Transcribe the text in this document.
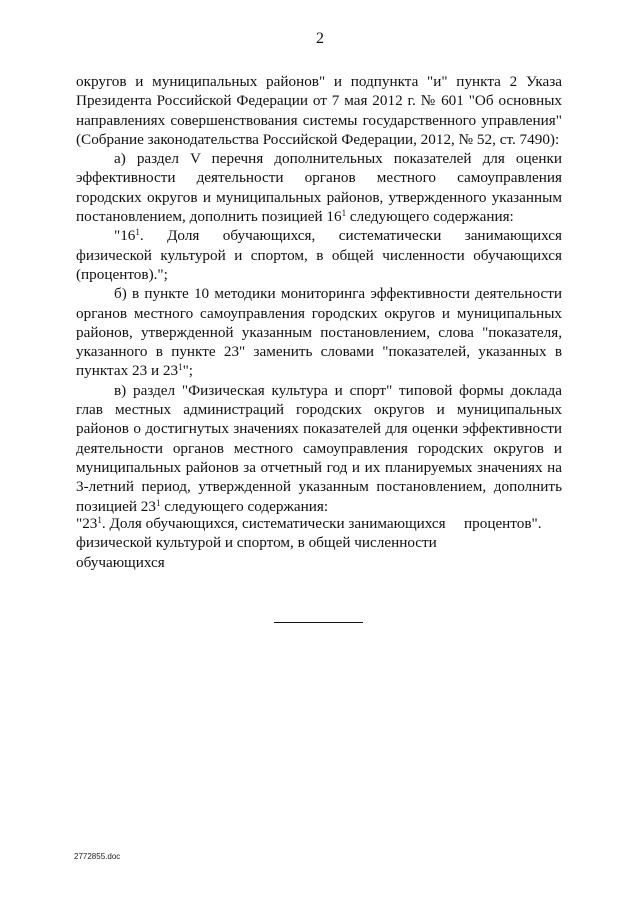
2

округов и муниципальных районов" и подпункта "и" пункта 2 Указа Президента Российской Федерации от 7 мая 2012 г. № 601 "Об основных направлениях совершенствования системы государственного управления" (Собрание законодательства Российской Федерации, 2012, № 52, ст. 7490):

а) раздел V перечня дополнительных показателей для оценки эффективности деятельности органов местного самоуправления городских округов и муниципальных районов, утвержденного указанным постановлением, дополнить позицией $16^1$ следующего содержания:

"$16^1$. Доля обучающихся, систематически занимающихся физической культурой и спортом, в общей численности обучающихся (процентов).";

б) в пункте 10 методики мониторинга эффективности деятельности органов местного самоуправления городских округов и муниципальных районов, утвержденной указанным постановлением, слова "показателя, указанного в пункте 23" заменить словами "показателей, указанных в пунктах 23 и $23^1$";

в) раздел "Физическая культура и спорт" типовой формы доклада глав местных администраций городских округов и муниципальных районов о достигнутых значениях показателей для оценки эффективности деятельности органов местного самоуправления городских округов и муниципальных районов за отчетный год и их планируемых значениях на 3-летний период, утвержденной указанным постановлением, дополнить позицией $23^1$ следующего содержания:

"$23^1$. Доля обучающихся, систематически занимающихся физической культурой и спортом, в общей численности обучающихся
процентов".
2772855.doc
